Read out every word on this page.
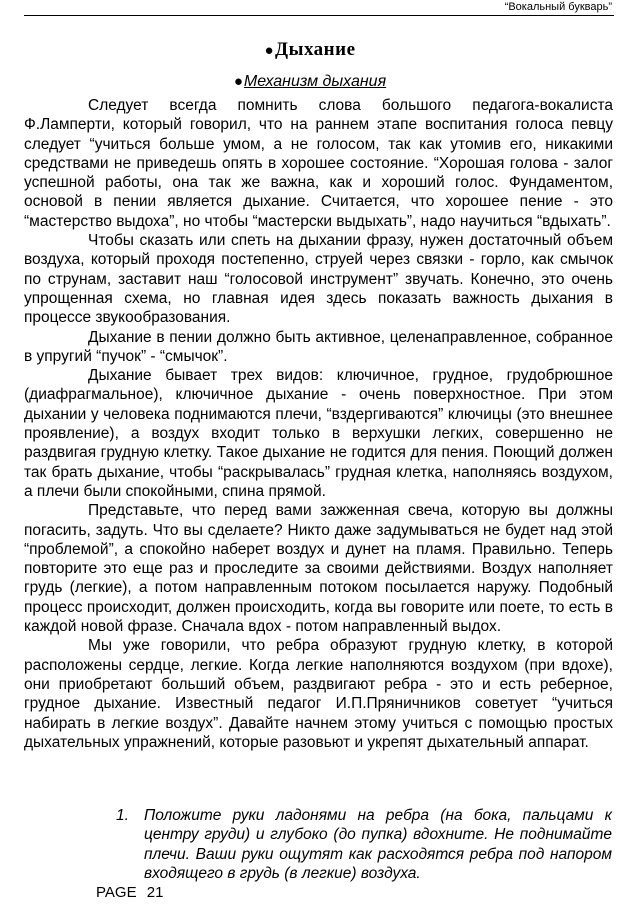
“Вокальный букварь”
●Дыхание
●Механизм дыхания

Следует всегда помнить слова большого педагога-вокалиста Ф.Ламперти, который говорил, что на раннем этапе воспитания голоса певцу следует “учиться больше умом, а не голосом, так как утомив его, никакими средствами не приведешь опять в хорошее состояние. “Хорошая голова - залог успешной работы, она так же важна, как и хороший голос. Фундаментом, основой в пении является дыхание. Считается, что хорошее пение - это “мастерство выдоха”, но чтобы “мастерски выдыхать”, надо научиться “вдыхать”.

Чтобы сказать или спеть на дыхании фразу, нужен достаточный объем воздуха, который проходя постепенно, струей через связки - горло, как смычок по струнам, заставит наш “голосовой инструмент” звучать. Конечно, это очень упрощенная схема, но главная идея здесь показать важность дыхания в процессе звукообразования.

Дыхание в пении должно быть активное, целенаправленное, собранное в упругий “пучок” - “смычок”.

Дыхание бывает трех видов: ключичное, грудное, грудобрюшное (диафрагмальное), ключичное дыхание - очень поверхностное. При этом дыхании у человека поднимаются плечи, “вздергиваются” ключицы (это внешнее проявление), а воздух входит только в верхушки легких, совершенно не раздвигая грудную клетку. Такое дыхание не годится для пения. Поющий должен так брать дыхание, чтобы “раскрывалась” грудная клетка, наполняясь воздухом, а плечи были спокойными, спина прямой.

Представьте, что перед вами зажженная свеча, которую вы должны погасить, задуть. Что вы сделаете? Никто даже задумываться не будет над этой “проблемой”, а спокойно наберет воздух и дунет на пламя. Правильно. Теперь повторите это еще раз и проследите за своими действиями. Воздух наполняет грудь (легкие), а потом направленным потоком посылается наружу. Подобный процесс происходит, должен происходить, когда вы говорите или поете, то есть в каждой новой фразе. Сначала вдох - потом направленный выдох.

Мы уже говорили, что ребра образуют грудную клетку, в которой расположены сердце, легкие. Когда легкие наполняются воздухом (при вдохе), они приобретают больший объем, раздвигают ребра - это и есть реберное, грудное дыхание. Известный педагог И.П.Пряничников советует “учиться набирать в легкие воздух”. Давайте начнем этому учиться с помощью простых дыхательных упражнений, которые разовьют и укрепят дыхательный аппарат.

1. Положите руки ладонями на ребра (на бока, пальцами к центру груди) и глубоко (до пупка) вдохните. Не поднимайте плечи. Ваши руки ощутят как расходятся ребра под напором входящего в грудь (в легкие) воздуха.
PAGE 21
